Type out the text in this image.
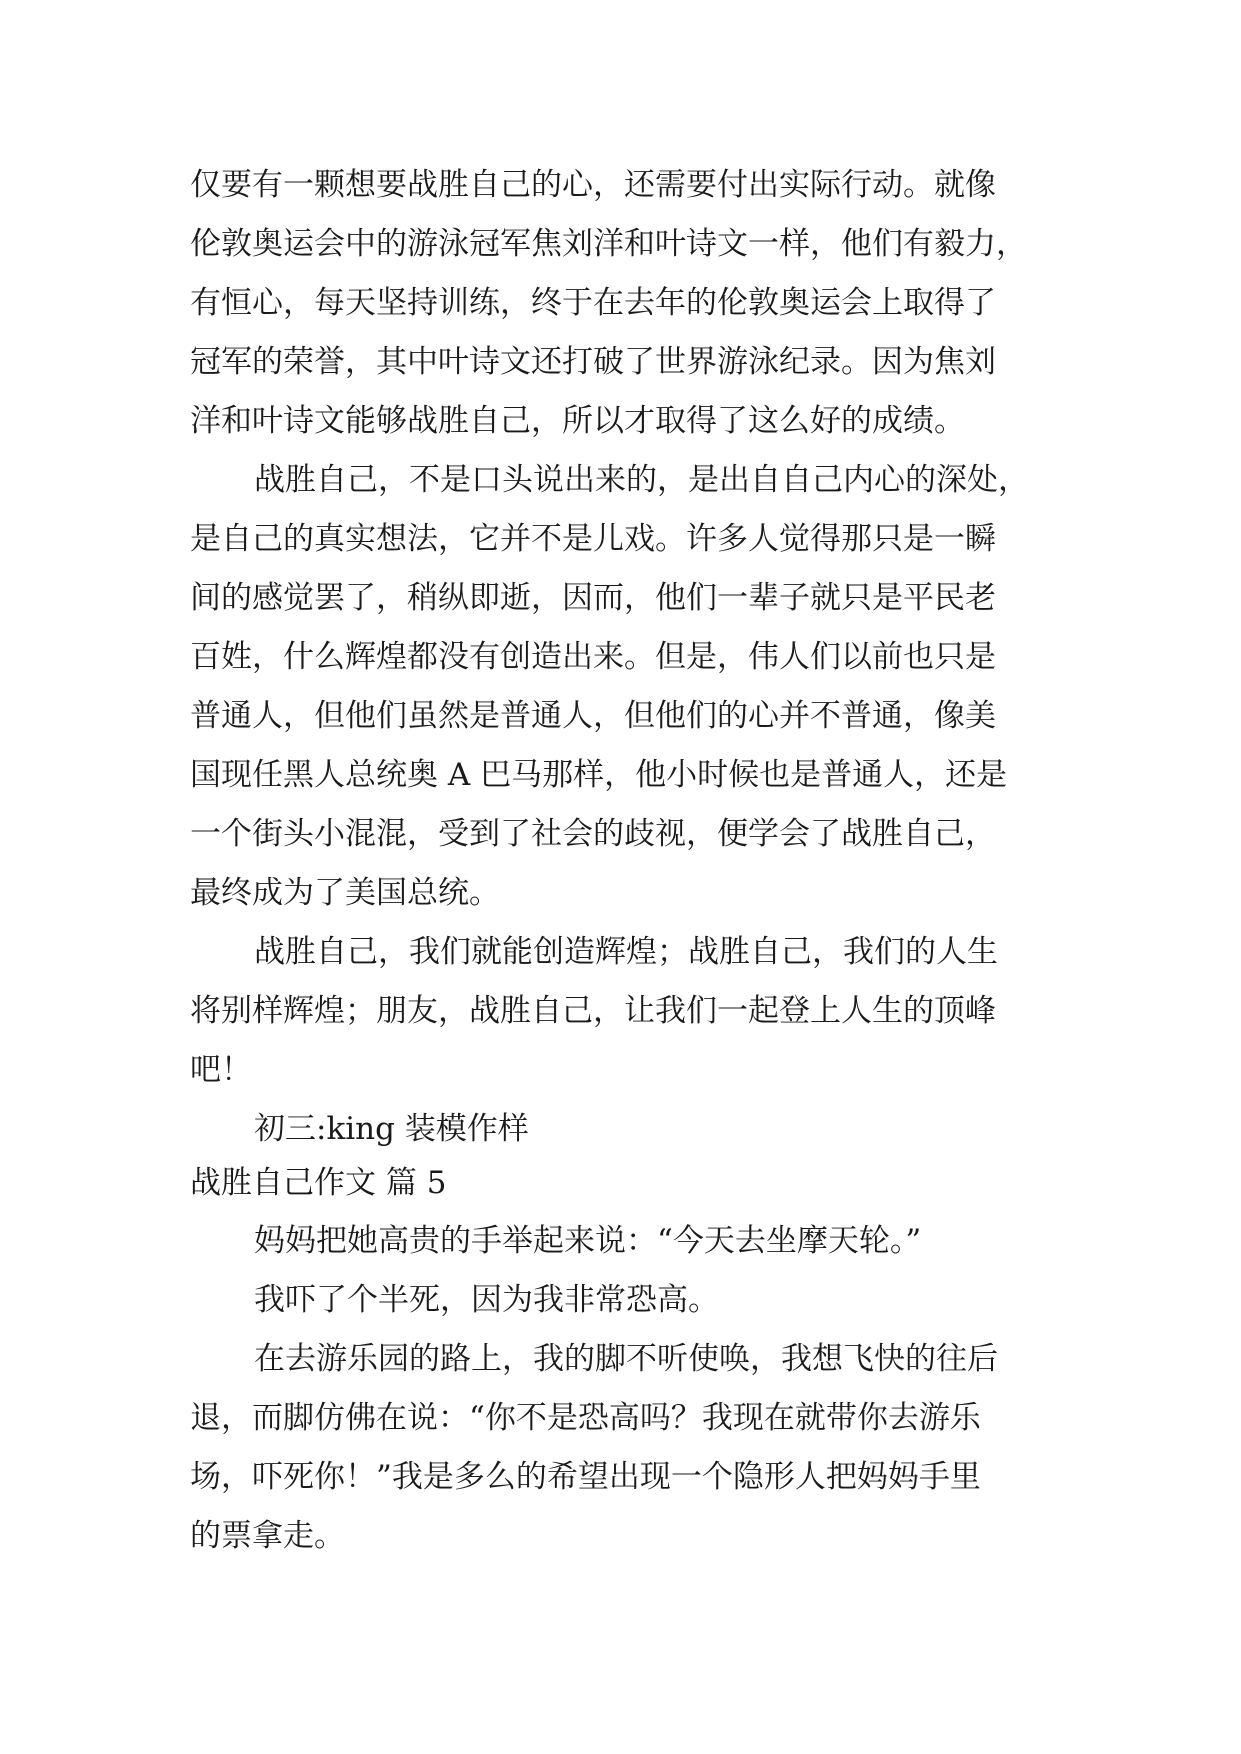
仅要有一颗想要战胜自己的心，还需要付出实际行动。就像

伦敦奥运会中的游泳冠军焦刘洋和叶诗文一样，他们有毅力，

有恒心，每天坚持训练，终于在去年的伦敦奥运会上取得了

冠军的荣誉，其中叶诗文还打破了世界游泳纪录。因为焦刘

洋和叶诗文能够战胜自己，所以才取得了这么好的成绩。

战胜自己，不是口头说出来的，是出自自己内心的深处，

是自己的真实想法，它并不是儿戏。许多人觉得那只是一瞬

间的感觉罢了，稍纵即逝，因而，他们一辈子就只是平民老

百姓，什么辉煌都没有创造出来。但是，伟人们以前也只是

普通人，但他们虽然是普通人，但他们的心并不普通，像美

国现任黑人总统奥 A 巴马那样，他小时候也是普通人，还是

一个街头小混混，受到了社会的歧视，便学会了战胜自己，

最终成为了美国总统。

战胜自己，我们就能创造辉煌；战胜自己，我们的人生

将别样辉煌；朋友，战胜自己，让我们一起登上人生的顶峰

吧！

初三:king 装模作样

战胜自己作文 篇 5

妈妈把她高贵的手举起来说：“今天去坐摩天轮。”

我吓了个半死，因为我非常恐高。

在去游乐园的路上，我的脚不听使唤，我想飞快的往后

退，而脚仿佛在说：“你不是恐高吗？我现在就带你去游乐

场，吓死你！”我是多么的希望出现一个隐形人把妈妈手里

的票拿走。
